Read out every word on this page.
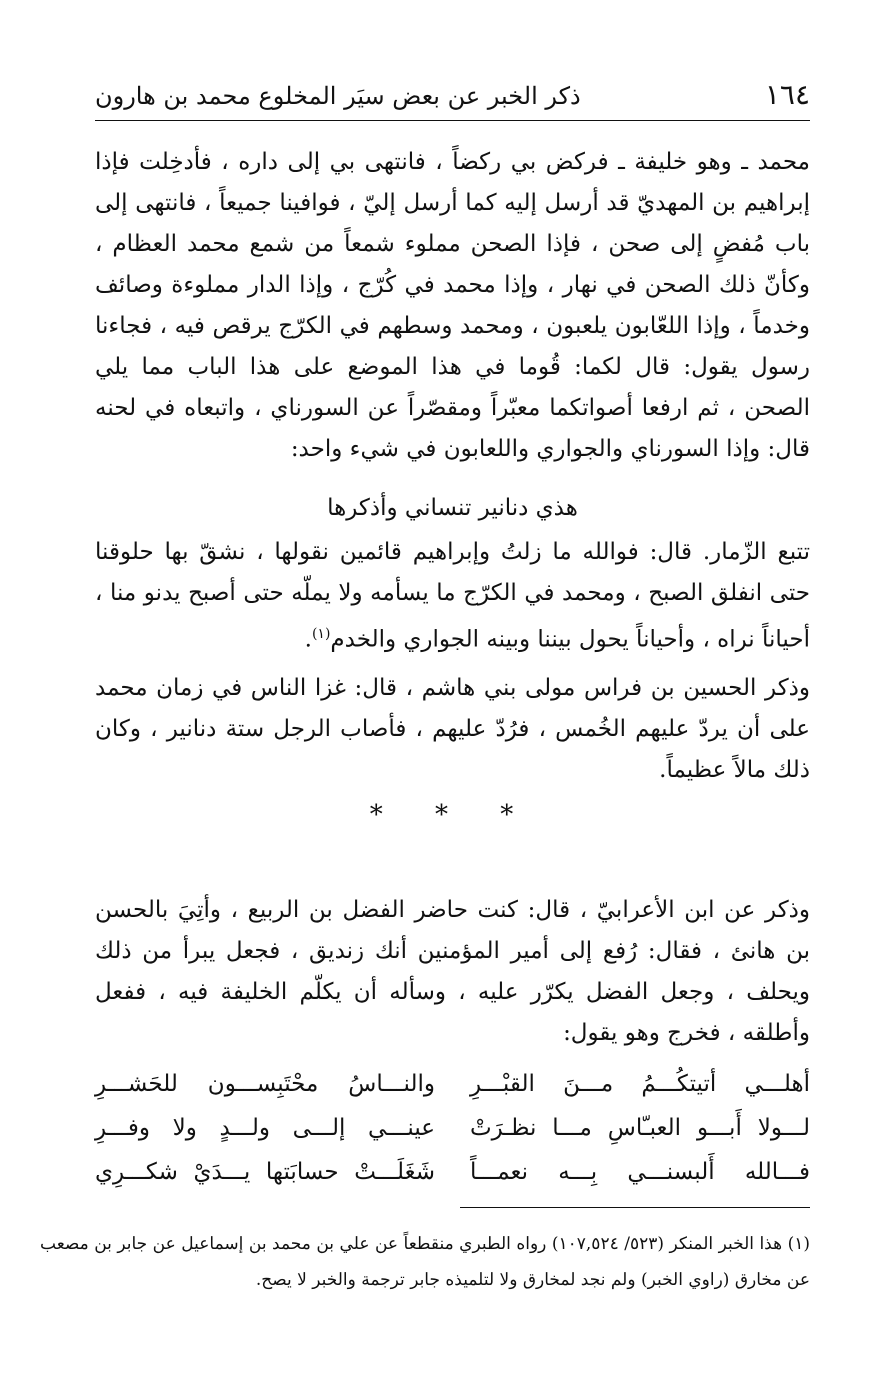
١٦٤
ذكر الخبر عن بعض سيَر المخلوع محمد بن هارون

محمد ـ وهو خليفة ـ فركض بي ركضاً ، فانتهى بي إلى داره ، فأدخِلت فإذا إبراهيم بن المهديّ قد أرسل إليه كما أرسل إليّ ، فوافينا جميعاً ، فانتهى إلى باب مُفضٍ إلى صحن ، فإذا الصحن مملوء شمعاً من شمع محمد العظام ، وكأنّ ذلك الصحن في نهار ، وإذا محمد في كُرّج ، وإذا الدار مملوءة وصائف وخدماً ، وإذا اللعّابون يلعبون ، ومحمد وسطهم في الكرّج يرقص فيه ، فجاءنا رسول يقول: قال لكما: قُوما في هذا الموضع على هذا الباب مما يلي الصحن ، ثم ارفعا أصواتكما معبّراً ومقصّراً عن السورناي ، واتبعاه في لحنه قال: وإذا السورناي والجواري واللعابون في شيء واحد:

هذي دنانير تنساني وأذكرها

تتبع الزّمار. قال: فوالله ما زلتُ وإبراهيم قائمين نقولها ، نشقّ بها حلوقنا حتى انفلق الصبح ، ومحمد في الكرّج ما يسأمه ولا يملّه حتى أصبح يدنو منا ، أحياناً نراه ، وأحياناً يحول بيننا وبينه الجواري والخدم$^{(١)}$.

وذكر الحسين بن فراس مولى بني هاشم ، قال: غزا الناس في زمان محمد على أن يردّ عليهم الخُمس ، فرُدّ عليهم ، فأصاب الرجل ستة دنانير ، وكان ذلك مالاً عظيماً.

* * *

وذكر عن ابن الأعرابيّ ، قال: كنت حاضر الفضل بن الربيع ، وأتِيَ بالحسن بن هانئ ، فقال: رُفع إلى أمير المؤمنين أنك زنديق ، فجعل يبرأ من ذلك ويحلف ، وجعل الفضل يكرّر عليه ، وسأله أن يكلّم الخليفة فيه ، ففعل وأطلقه ، فخرج وهو يقول:

أهلـــي أتيتكُـــمُ مـــنَ القبْـــرِ
والنـــاسُ محْتَبِســـون للحَشـــرِ
لـــولا أَبـــو العبـّاسِ مـــا نظـرَتْ
عينـــي إلـــى ولـــدٍ ولا وفـــرِ
فـــالله أَلبسنـــي بِـــه نعمـــاً
شَغَلَـــتْ حسابَتها يـــدَيْ شكـــرِي

(١) هذا الخبر المنكر (٥٢٣/ ١٠٧,٥٢٤) رواه الطبري منقطعاً عن علي بن محمد بن إسماعيل عن جابر بن مصعب عن مخارق (راوي الخبر) ولم نجد لمخارق ولا لتلميذه جابر ترجمة والخبر لا يصح.
